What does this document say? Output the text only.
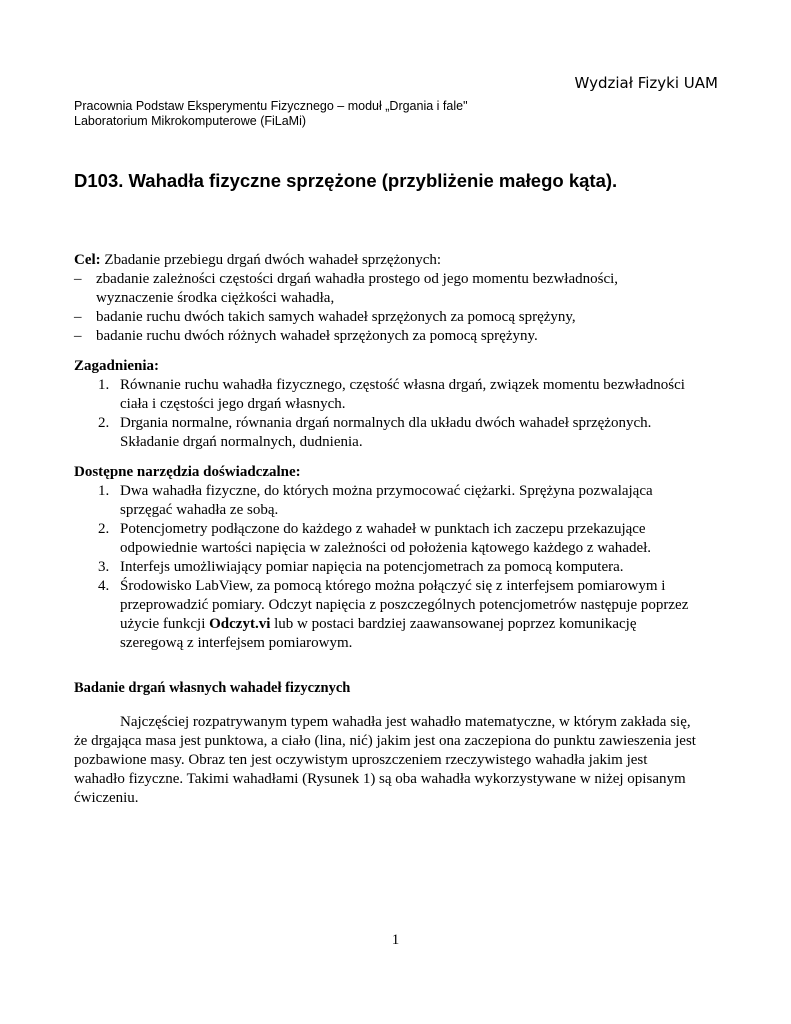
Wydział Fizyki UAM
Pracownia Podstaw Eksperymentu Fizycznego – moduł „Drgania i fale"
Laboratorium Mikrokomputerowe (FiLaMi)
D103. Wahadła fizyczne sprzężone (przybliżenie małego kąta).
Cel: Zbadanie przebiegu drgań dwóch wahadeł sprzężonych:
– zbadanie zależności częstości drgań wahadła prostego od jego momentu bezwładności,
wyznaczenie środka ciężkości wahadła,
– badanie ruchu dwóch takich samych wahadeł sprzężonych za pomocą sprężyny,
– badanie ruchu dwóch różnych wahadeł sprzężonych za pomocą sprężyny.
Zagadnienia:
1. Równanie ruchu wahadła fizycznego, częstość własna drgań, związek momentu bezwładności
ciała i częstości jego drgań własnych.
2. Drgania normalne, równania drgań normalnych dla układu dwóch wahadeł sprzężonych.
Składanie drgań normalnych, dudnienia.
Dostępne narzędzia doświadczalne:
1. Dwa wahadła fizyczne, do których można przymocować ciężarki. Sprężyna pozwalająca
sprzęgać wahadła ze sobą.
2. Potencjometry podłączone do każdego z wahadeł w punktach ich zaczepu przekazujące
odpowiednie wartości napięcia w zależności od położenia kątowego każdego z wahadeł.
3. Interfejs umożliwiający pomiar napięcia na potencjometrach za pomocą komputera.
4. Środowisko LabView, za pomocą którego można połączyć się z interfejsem pomiarowym i
przeprowadzić pomiary. Odczyt napięcia z poszczególnych potencjometrów następuje poprzez
użycie funkcji Odczyt.vi lub w postaci bardziej zaawansowanej poprzez komunikację
szeregową z interfejsem pomiarowym.
Badanie drgań własnych wahadeł fizycznych
Najczęściej rozpatrywanym typem wahadła jest wahadło matematyczne, w którym zakłada się,
że drgająca masa jest punktowa, a ciało (lina, nić) jakim jest ona zaczepiona do punktu zawieszenia jest
pozbawione masy. Obraz ten jest oczywistym uproszczeniem rzeczywistego wahadła jakim jest
wahadło fizyczne. Takimi wahadłami (Rysunek 1) są oba wahadła wykorzystywane w niżej opisanym
ćwiczeniu.
1
